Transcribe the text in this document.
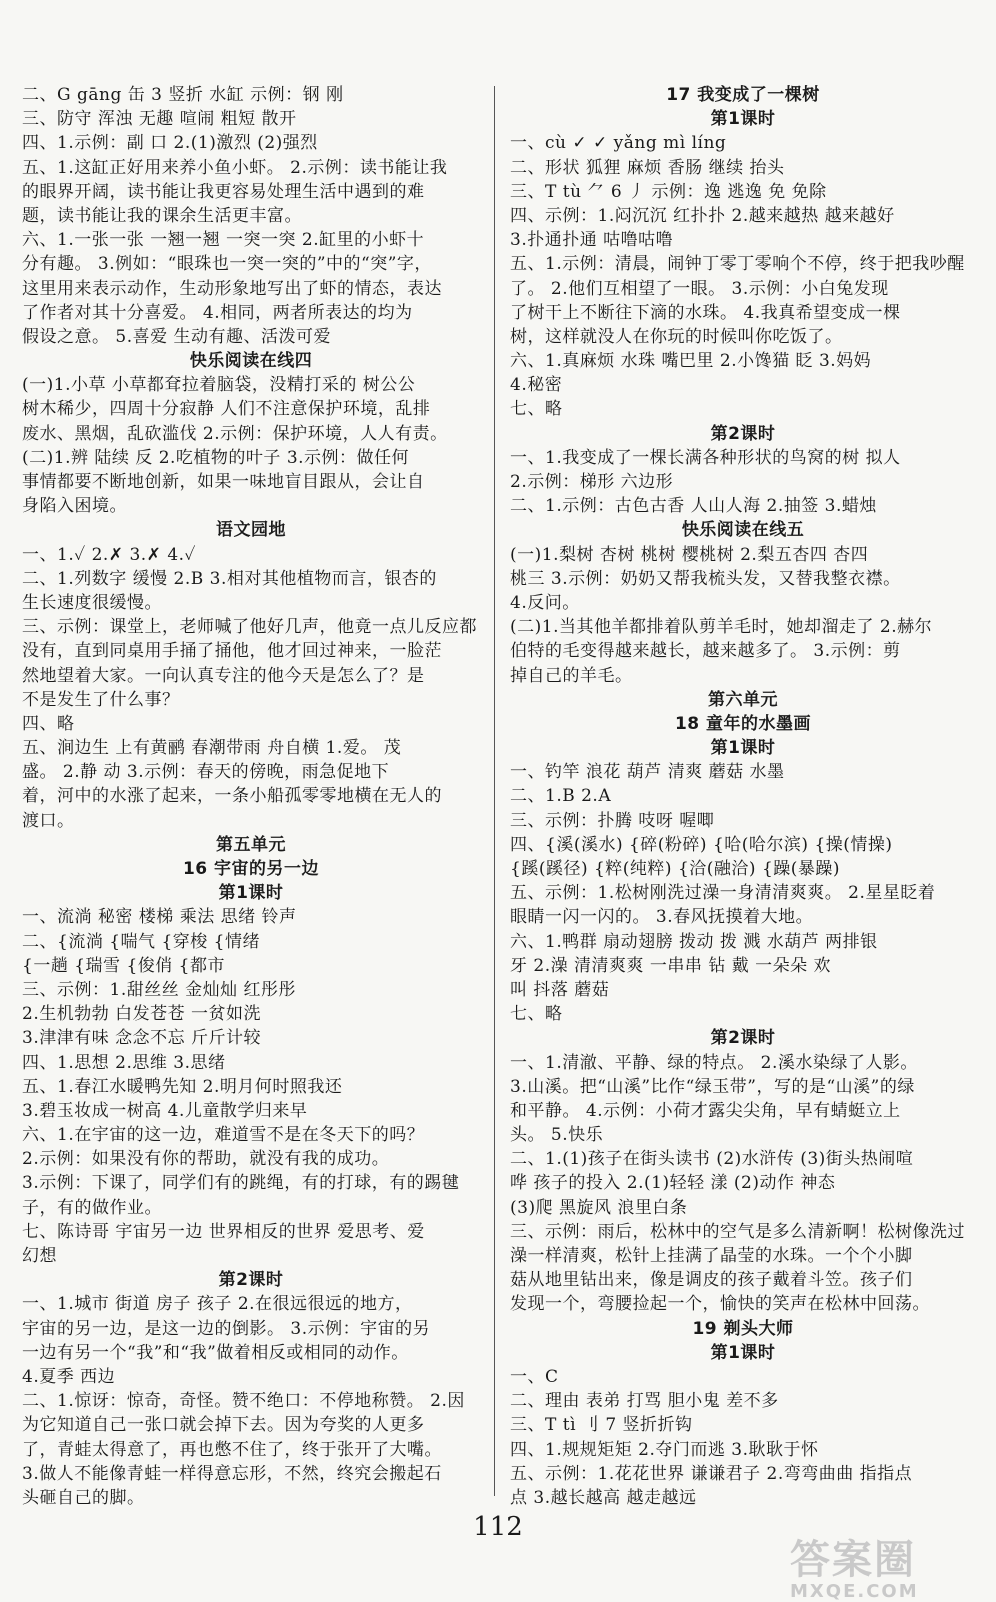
二、G gāng 缶 3 竖折 水缸 示例：钢 刚
三、防守 浑浊 无趣 喧闹 粗短 散开
四、1.示例：副 口 2.(1)激烈 (2)强烈
五、1.这缸正好用来养小鱼小虾。 2.示例：读书能让我
的眼界开阔，读书能让我更容易处理生活中遇到的难
题，读书能让我的课余生活更丰富。
六、1.一张一张 一翘一翘 一突一突 2.缸里的小虾十
分有趣。 3.例如：“眼珠也一突一突的”中的“突”字，
这里用来表示动作，生动形象地写出了虾的情态，表达
了作者对其十分喜爱。 4.相同，两者所表达的均为
假设之意。 5.喜爱 生动有趣、活泼可爱
快乐阅读在线四
(一)1.小草 小草都耷拉着脑袋，没精打采的 树公公
树木稀少，四周十分寂静 人们不注意保护环境，乱排
废水、黑烟，乱砍滥伐 2.示例：保护环境，人人有责。
(二)1.辨 陆续 反 2.吃植物的叶子 3.示例：做任何
事情都要不断地创新，如果一味地盲目跟从，会让自
身陷入困境。
语文园地
一、1.✓ 2.✗ 3.✗ 4.✓
二、1.列数字 缓慢 2.B 3.相对其他植物而言，银杏的
生长速度很缓慢。
三、示例：课堂上，老师喊了他好几声，他竟一点儿反应都
没有，直到同桌用手捅了捅他，他才回过神来，一脸茫
然地望着大家。一向认真专注的他今天是怎么了？是
不是发生了什么事？
四、略
五、涧边生 上有黄鹂 春潮带雨 舟自横 1.爱。 茂
盛。 2.静 动 3.示例：春天的傍晚，雨急促地下
着，河中的水涨了起来，一条小船孤零零地横在无人的
渡口。
第五单元
16 宇宙的另一边
第1课时
一、流淌 秘密 楼梯 乘法 思绪 铃声
二、{流淌 {喘气 {穿梭 {情绪
{一趟 {瑞雪 {俊俏 {都市
三、示例：1.甜丝丝 金灿灿 红彤彤
2.生机勃勃 白发苍苍 一贫如洗
3.津津有味 念念不忘 斤斤计较
四、1.思想 2.思维 3.思绪
五、1.春江水暖鸭先知 2.明月何时照我还
3.碧玉妆成一树高 4.儿童散学归来早
六、1.在宇宙的这一边，难道雪不是在冬天下的吗？
2.示例：如果没有你的帮助，就没有我的成功。
3.示例：下课了，同学们有的跳绳，有的打球，有的踢毽
子，有的做作业。
七、陈诗哥 宇宙另一边 世界相反的世界 爱思考、爱
幻想
第2课时
一、1.城市 街道 房子 孩子 2.在很远很远的地方，
宇宙的另一边，是这一边的倒影。 3.示例：宇宙的另
一边有另一个“我”和“我”做着相反或相同的动作。
4.夏季 西边
二、1.惊讶：惊奇，奇怪。赞不绝口：不停地称赞。 2.因
为它知道自己一张口就会掉下去。因为夸奖的人更多
了，青蛙太得意了，再也憋不住了，终于张开了大嘴。
3.做人不能像青蛙一样得意忘形，不然，终究会搬起石
头砸自己的脚。
17 我变成了一棵树
第1课时
一、cù ✓ ✓ yǎng mì líng
二、形状 狐狸 麻烦 香肠 继续 抬头
三、T tù ⺈ 6 丿 示例：逸 逃逸 免 免除
四、示例：1.闷沉沉 红扑扑 2.越来越热 越来越好
3.扑通扑通 咕噜咕噜
五、1.示例：清晨，闹钟丁零丁零响个不停，终于把我吵醒
了。 2.他们互相望了一眼。 3.示例：小白兔发现
了树干上不断往下滴的水珠。 4.我真希望变成一棵
树，这样就没人在你玩的时候叫你吃饭了。
六、1.真麻烦 水珠 嘴巴里 2.小馋猫 眨 3.妈妈
4.秘密
七、略
第2课时
一、1.我变成了一棵长满各种形状的鸟窝的树 拟人
2.示例：梯形 六边形
二、1.示例：古色古香 人山人海 2.抽签 3.蜡烛
快乐阅读在线五
(一)1.梨树 杏树 桃树 樱桃树 2.梨五杏四 杏四
桃三 3.示例：奶奶又帮我梳头发，又替我整衣襟。
4.反问。
(二)1.当其他羊都排着队剪羊毛时，她却溜走了 2.赫尔
伯特的毛变得越来越长，越来越多了。 3.示例：剪
掉自己的羊毛。
第六单元
18 童年的水墨画
第1课时
一、钓竿 浪花 葫芦 清爽 蘑菇 水墨
二、1.B 2.A
三、示例：扑腾 吱呀 喔唧
四、{溪(溪水) {碎(粉碎) {哈(哈尔滨) {操(情操)
{蹊(蹊径) {粹(纯粹) {洽(融洽) {躁(暴躁)
五、示例：1.松树刚洗过澡一身清清爽爽。 2.星星眨着
眼睛一闪一闪的。 3.春风抚摸着大地。
六、1.鸭群 扇动翅膀 拨动 拨 溅 水葫芦 两排银
牙 2.澡 清清爽爽 一串串 钻 戴 一朵朵 欢
叫 抖落 蘑菇
七、略
第2课时
一、1.清澈、平静、绿的特点。 2.溪水染绿了人影。
3.山溪。把“山溪”比作“绿玉带”，写的是“山溪”的绿
和平静。 4.示例：小荷才露尖尖角，早有蜻蜓立上
头。 5.快乐
二、1.(1)孩子在街头读书 (2)水浒传 (3)街头热闹喧
哗 孩子的投入 2.(1)轻轻 漾 (2)动作 神态
(3)爬 黑旋风 浪里白条
三、示例：雨后，松林中的空气是多么清新啊！松树像洗过
澡一样清爽，松针上挂满了晶莹的水珠。一个个小脚
菇从地里钻出来，像是调皮的孩子戴着斗笠。孩子们
发现一个，弯腰捡起一个，愉快的笑声在松林中回荡。
19 剃头大师
第1课时
一、C
二、理由 表弟 打骂 胆小鬼 差不多
三、T tì 刂 7 竖折折钩
四、1.规规矩矩 2.夺门而逃 3.耿耿于怀
五、示例：1.花花世界 谦谦君子 2.弯弯曲曲 指指点
点 3.越长越高 越走越远
112
答案圈
MXQE.COM
